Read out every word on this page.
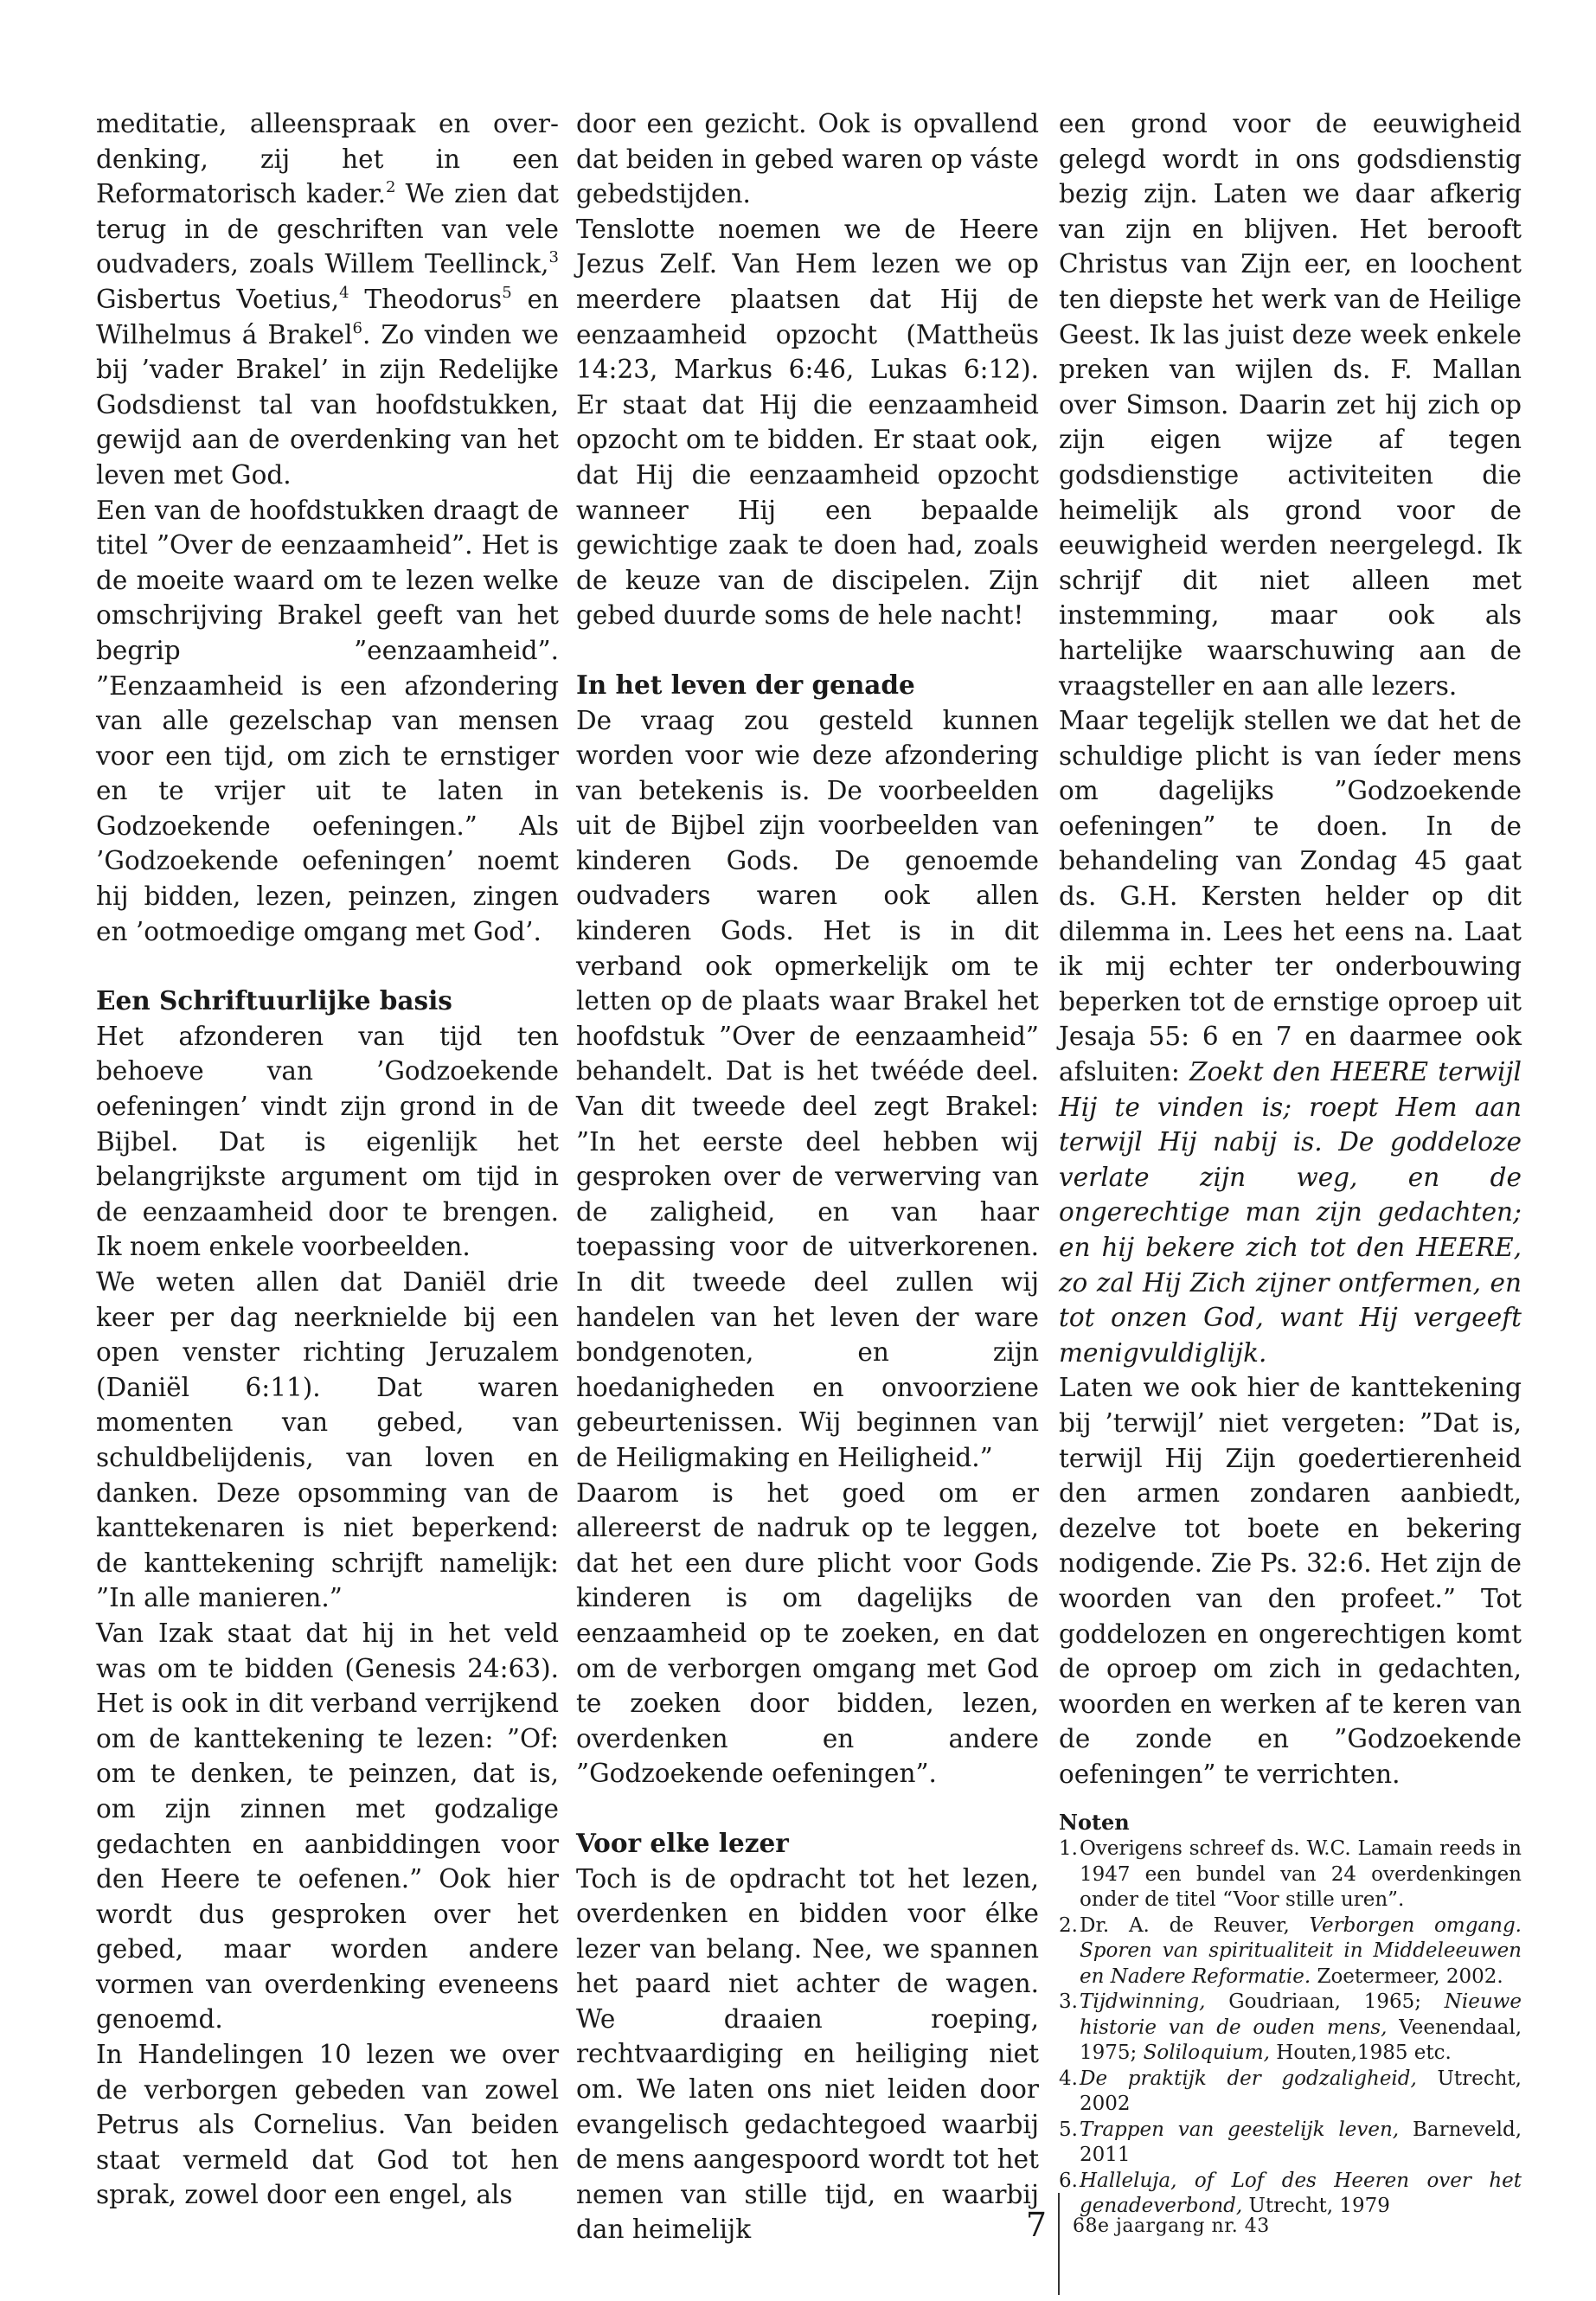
meditatie, alleenspraak en over-denking, zij het in een Reformatorisch kader.$^2$ We zien dat terug in de geschriften van vele oudvaders, zoals Willem Teellinck,$^3$ Gisbertus Voetius,$^4$ Theodorus$^5$ en Wilhelmus á Brakel$^6$. Zo vinden we bij ’vader Brakel’ in zijn Redelijke Godsdienst tal van hoofdstukken, gewijd aan de overdenking van het leven met God.

Een van de hoofdstukken draagt de titel ”Over de eenzaamheid”. Het is de moeite waard om te lezen welke omschrijving Brakel geeft van het begrip ”eenzaamheid”. ”Eenzaamheid is een afzondering van alle gezelschap van mensen voor een tijd, om zich te ernstiger en te vrijer uit te laten in Godzoekende oefeningen.” Als ’Godzoekende oefeningen’ noemt hij bidden, lezen, peinzen, zingen en ’ootmoedige omgang met God’.

Een Schriftuurlijke basis

Het afzonderen van tijd ten behoeve van ’Godzoekende oefeningen’ vindt zijn grond in de Bijbel. Dat is eigenlijk het belangrijkste argument om tijd in de eenzaamheid door te brengen. Ik noem enkele voorbeelden.

We weten allen dat Daniël drie keer per dag neerknielde bij een open venster richting Jeruzalem (Daniël 6:11). Dat waren momenten van gebed, van schuldbelijdenis, van loven en danken. Deze opsomming van de kanttekenaren is niet beperkend: de kanttekening schrijft namelijk: ”In alle manieren.”

Van Izak staat dat hij in het veld was om te bidden (Genesis 24:63). Het is ook in dit verband verrijkend om de kanttekening te lezen: ”Of: om te denken, te peinzen, dat is, om zijn zinnen met godzalige gedachten en aanbiddingen voor den Heere te oefenen.” Ook hier wordt dus gesproken over het gebed, maar worden andere vormen van overdenking eveneens genoemd.

In Handelingen 10 lezen we over de verborgen gebeden van zowel Petrus als Cornelius. Van beiden staat vermeld dat God tot hen sprak, zowel door een engel, als

door een gezicht. Ook is opvallend dat beiden in gebed waren op váste gebedstijden.

Tenslotte noemen we de Heere Jezus Zelf. Van Hem lezen we op meerdere plaatsen dat Hij de eenzaamheid opzocht (Mattheüs 14:23, Markus 6:46, Lukas 6:12). Er staat dat Hij die eenzaamheid opzocht om te bidden. Er staat ook, dat Hij die eenzaamheid opzocht wanneer Hij een bepaalde gewichtige zaak te doen had, zoals de keuze van de discipelen. Zijn gebed duurde soms de hele nacht!

In het leven der genade

De vraag zou gesteld kunnen worden voor wie deze afzondering van betekenis is. De voorbeelden uit de Bijbel zijn voorbeelden van kinderen Gods. De genoemde oudvaders waren ook allen kinderen Gods. Het is in dit verband ook opmerkelijk om te letten op de plaats waar Brakel het hoofdstuk ”Over de eenzaamheid” behandelt. Dat is het twééde deel. Van dit tweede deel zegt Brakel: ”In het eerste deel hebben wij gesproken over de verwerving van de zaligheid, en van haar toepassing voor de uitverkorenen. In dit tweede deel zullen wij handelen van het leven der ware bondgenoten, en zijn hoedanigheden en onvoorziene gebeurtenissen. Wij beginnen van de Heiligmaking en Heiligheid.”

Daarom is het goed om er allereerst de nadruk op te leggen, dat het een dure plicht voor Gods kinderen is om dagelijks de eenzaamheid op te zoeken, en dat om de verborgen omgang met God te zoeken door bidden, lezen, overdenken en andere ”Godzoekende oefeningen”.

Voor elke lezer

Toch is de opdracht tot het lezen, overdenken en bidden voor élke lezer van belang. Nee, we spannen het paard niet achter de wagen. We draaien roeping, rechtvaardiging en heiliging niet om. We laten ons niet leiden door evangelisch gedachtegoed waarbij de mens aangespoord wordt tot het nemen van stille tijd, en waarbij dan heimelijk

een grond voor de eeuwigheid gelegd wordt in ons godsdienstig bezig zijn. Laten we daar afkerig van zijn en blijven. Het berooft Christus van Zijn eer, en loochent ten diepste het werk van de Heilige Geest. Ik las juist deze week enkele preken van wijlen ds. F. Mallan over Simson. Daarin zet hij zich op zijn eigen wijze af tegen godsdienstige activiteiten die heimelijk als grond voor de eeuwigheid werden neergelegd. Ik schrijf dit niet alleen met instemming, maar ook als hartelijke waarschuwing aan de vraagsteller en aan alle lezers.

Maar tegelijk stellen we dat het de schuldige plicht is van íeder mens om dagelijks ”Godzoekende oefeningen” te doen. In de behandeling van Zondag 45 gaat ds. G.H. Kersten helder op dit dilemma in. Lees het eens na. Laat ik mij echter ter onderbouwing beperken tot de ernstige oproep uit Jesaja 55: 6 en 7 en daarmee ook afsluiten: Zoekt den HEERE terwijl Hij te vinden is; roept Hem aan terwijl Hij nabij is. De goddeloze verlate zijn weg, en de ongerechtige man zijn gedachten; en hij bekere zich tot den HEERE, zo zal Hij Zich zijner ontfermen, en tot onzen God, want Hij vergeeft menigvuldiglijk.

Laten we ook hier de kanttekening bij ’terwijl’ niet vergeten: ”Dat is, terwijl Hij Zijn goedertierenheid den armen zondaren aanbiedt, dezelve tot boete en bekering nodigende. Zie Ps. 32:6. Het zijn de woorden van den profeet.” Tot goddelozen en ongerechtigen komt de oproep om zich in gedachten, woorden en werken af te keren van de zonde en ”Godzoekende oefeningen” te verrichten.

Noten
1. Overigens schreef ds. W.C. Lamain reeds in 1947 een bundel van 24 overdenkingen onder de titel “Voor stille uren”.
2. Dr. A. de Reuver, Verborgen omgang. Sporen van spiritualiteit in Middeleeuwen en Nadere Reformatie. Zoetermeer, 2002.
3. Tijdwinning, Goudriaan, 1965; Nieuwe historie van de ouden mens, Veenendaal, 1975; Soliloquium, Houten,1985 etc.
4. De praktijk der godzaligheid, Utrecht, 2002
5. Trappen van geestelijk leven, Barneveld, 2011
6. Halleluja, of Lof des Heeren over het genadeverbond, Utrecht, 1979
7 68e jaargang nr. 43
